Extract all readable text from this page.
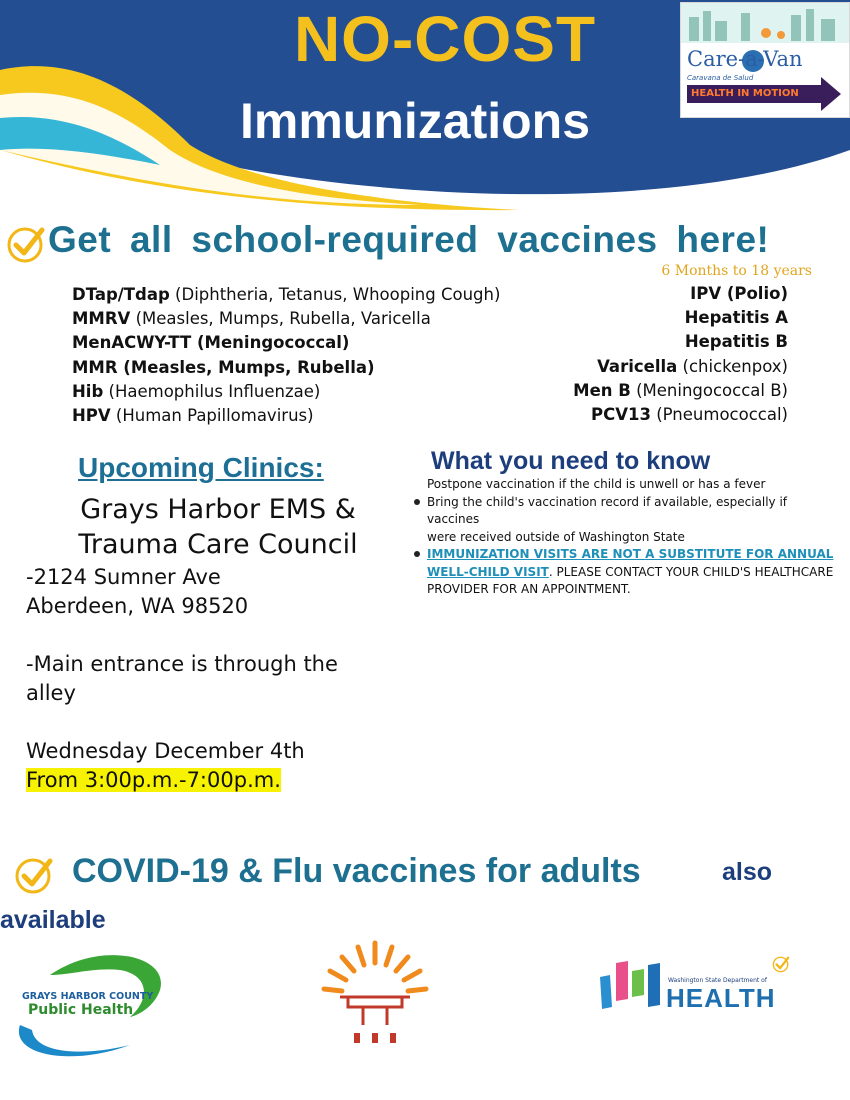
NO-COST
Immunizations
Care-a-Van
Caravana de Salud
HEALTH IN MOTION
Get all school-required vaccines here!
6 Months to 18 years
DTap/Tdap (Diphtheria, Tetanus, Whooping Cough)
MMRV (Measles, Mumps, Rubella, Varicella
MenACWY-TT (Meningococcal)
MMR (Measles, Mumps, Rubella)
Hib (Haemophilus Influenzae)
HPV (Human Papillomavirus)
IPV (Polio)
Hepatitis A
Hepatitis B
Varicella (chickenpox)
Men B (Meningococcal B)
PCV13 (Pneumococcal)
Upcoming Clinics:
Grays Harbor EMS &
Trauma Care Council
-2124 Sumner Ave
Aberdeen, WA 98520
-Main entrance is through the
alley
Wednesday December 4th
From 3:00p.m.-7:00p.m.
What you need to know
Postpone vaccination if the child is unwell or has a fever
Bring the child's vaccination record if available, especially if vaccines
were received outside of Washington State
IMMUNIZATION VISITS ARE NOT A SUBSTITUTE FOR ANNUAL WELL-CHILD VISIT. PLEASE CONTACT YOUR CHILD'S HEALTHCARE PROVIDER FOR AN APPOINTMENT.
COVID-19 & Flu vaccines for adults	also
available
GRAYS HARBOR COUNTY
Public Health
Washington State Department of
HEALTH
